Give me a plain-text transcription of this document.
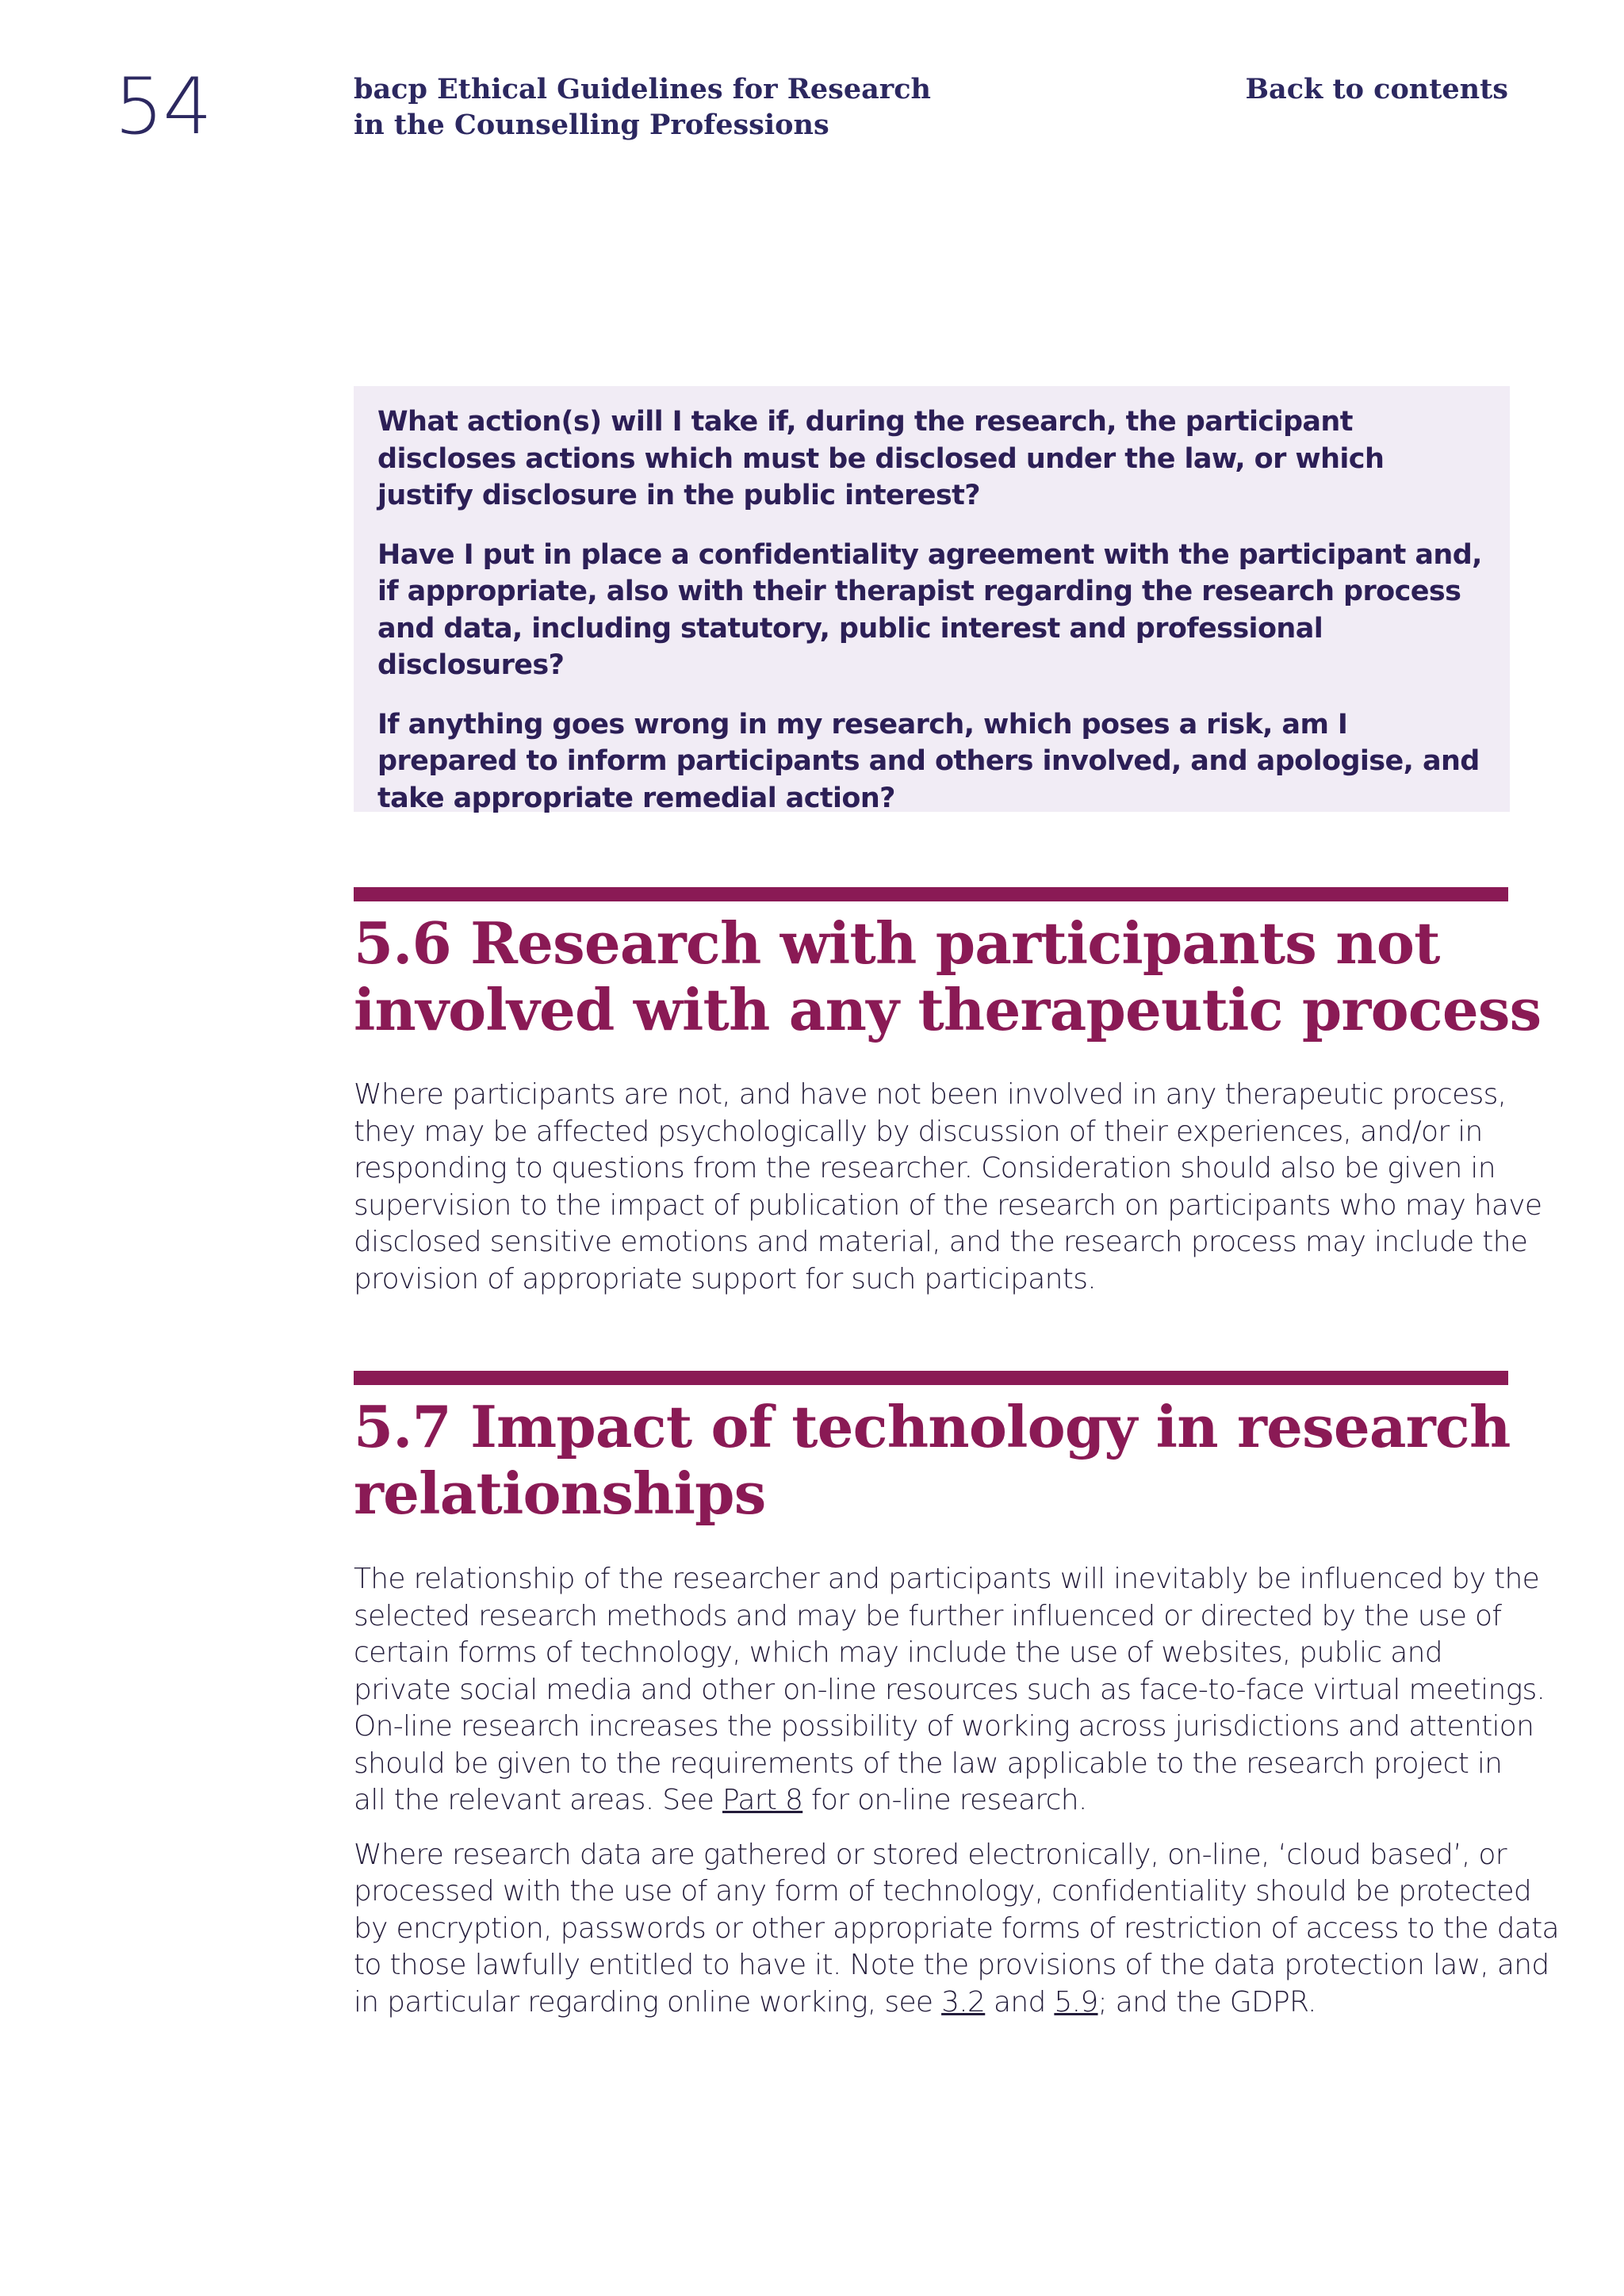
54	bacp Ethical Guidelines for Research
in the Counselling Professions
Back to contents

What action(s) will I take if, during the research, the participant discloses actions which must be disclosed under the law, or which justify disclosure in the public interest?

Have I put in place a confidentiality agreement with the participant and, if appropriate, also with their therapist regarding the research process and data, including statutory, public interest and professional disclosures?

If anything goes wrong in my research, which poses a risk, am I prepared to inform participants and others involved, and apologise, and take appropriate remedial action?

5.6 Research with participants not
involved with any therapeutic process

Where participants are not, and have not been involved in any therapeutic process,
they may be affected psychologically by discussion of their experiences, and/or in
responding to questions from the researcher. Consideration should also be given in
supervision to the impact of publication of the research on participants who may have
disclosed sensitive emotions and material, and the research process may include the
provision of appropriate support for such participants.

5.7 Impact of technology in research
relationships

The relationship of the researcher and participants will inevitably be influenced by the
selected research methods and may be further influenced or directed by the use of
certain forms of technology, which may include the use of websites, public and
private social media and other on-line resources such as face-to-face virtual meetings.
On-line research increases the possibility of working across jurisdictions and attention
should be given to the requirements of the law applicable to the research project in
all the relevant areas. See Part 8 for on-line research.

Where research data are gathered or stored electronically, on-line, ‘cloud based’, or
processed with the use of any form of technology, confidentiality should be protected
by encryption, passwords or other appropriate forms of restriction of access to the data
to those lawfully entitled to have it. Note the provisions of the data protection law, and
in particular regarding online working, see 3.2 and 5.9; and the GDPR.
